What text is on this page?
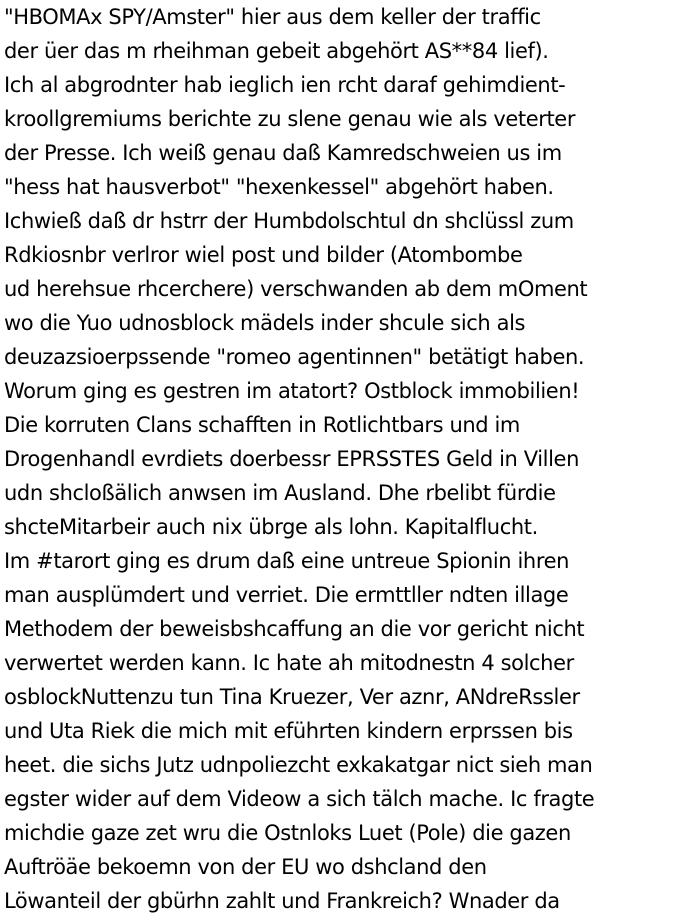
"HBOMAx SPY/Amster" hier aus dem keller der traffic
der üer das m rheihman gebeit abgehört AS**84 lief).
Ich al abgrodnter hab ieglich ien rcht daraf gehimdient-
kroollgremiums berichte zu slene genau wie als veterter
der Presse. Ich weiß genau daß Kamredschweien us im
"hess hat hausverbot" "hexenkessel" abgehört haben.
Ichwieß daß dr hstrr der Humbdolschtul dn shclüssl zum
Rdkiosnbr verlror wiel post und bilder (Atombombe
ud herehsue rhcerchere) verschwanden ab dem mOment
wo die Yuo udnosblock mädels inder shcule sich als
deuzazsioerpssende "romeo agentinnen" betätigt haben.
Worum ging es gestren im atatort? Ostblock immobilien!
Die korruten Clans schafften in Rotlichtbars und im
Drogenhandl evrdiets doerbessr EPRSSTES Geld in Villen
udn shcloßälich anwsen im Ausland. Dhe rbelibt fürdie
shcteMitarbeir auch nix übrge als lohn. Kapitalflucht.
Im #tarort ging es drum daß eine untreue Spionin ihren
man ausplümdert und verriet. Die ermttller ndten illage
Methodem der beweisbshcaffung an die vor gericht nicht
verwertet werden kann. Ic hate ah mitodnestn 4 solcher
osblockNuttenzu tun Tina Kruezer, Ver aznr, ANdreRssler
und Uta Riek die mich mit eführten kindern erprssen bis
heet. die sichs Jutz udnpoliezcht exkakatgar nict sieh man
egster wider auf dem Videow a sich tälch mache. Ic fragte
michdie gaze zet wru die Ostnloks Luet (Pole) die gazen
Auftröäe bekoemn von der EU wo dshcland den
Löwanteil der gbürhn zahlt und Frankreich? Wnader da
